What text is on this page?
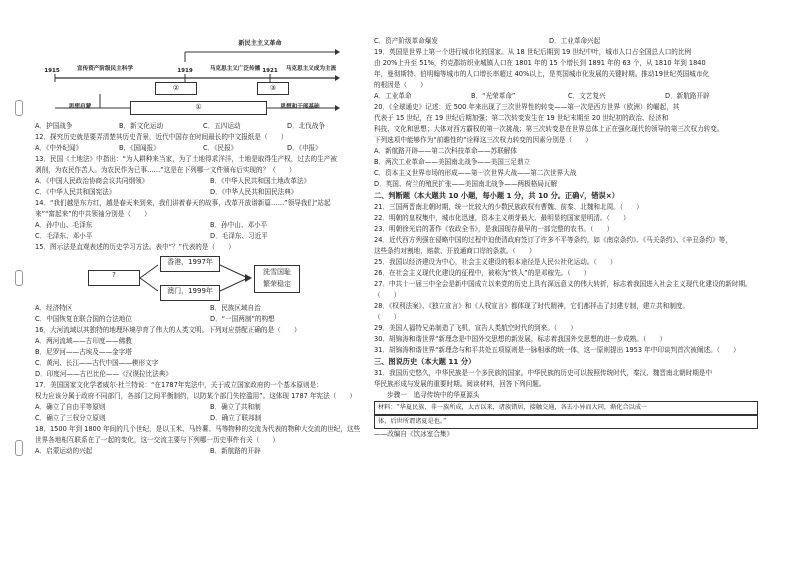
新民主主义革命
1915	1919	1921
宣传资产阶级民主科学	马克思主义广泛传播	马克思主义成为主流
②	③
①
思想启蒙	思想和干部基础
A．护国战争	B．新文化运动	C．五四运动	D．北伐战争
12．探究历史就是要弄清楚其历史背景，近代中国存在时间最长的中文报纸是（　　）
A．《中外纪闻》	B．《国闻报》	C．《民报》	D．《申报》
13．民国《土地法》中指出：“为人耕种来当家，为了土地得求洋洋，土地是取得生产权，过去的生产被
剥削，为农民作苦人。为农民作为已事……”这是在下列哪一文件颁布后实现的？（　　）
A．《中国人民政治协商会议共同纲领》	B．《中华人民共和国土地改革法》
C．《中华人民共和国宪法》	D．《中华人民共和国民法典》
14．“我们越是东方红，越是春天来到来，我们讲着春天的故事，改革开放谱新篇……”领导我们“站起
来”“富起来”的中共领袖分别是（　　）
A．孙中山、毛泽东	B．孙中山、邓小平
C．毛泽东、邓小平	D．毛泽东、习近平
15．图示法是直观表述的历史学习方法。表中“？”代表的是（　　）
?
香港，1997年
澳门，1999年
洗雪国耻
繁荣稳定
A．经济特区	B．民族区域自治
C．中国恢复在联合国的合法地位	D．“一国两制”的构想
16．大河流域以其独特的地理环境孕育了伟大的人类文明。下列对应搭配正确的是（　　）
A．两河流域——古印度——佛教
B．尼罗河——古埃及——金字塔
C．黄河、长江——古代中国——楔形文字
D．印度河——古巴比伦——《汉谟拉比法典》
17．美国国家文化学者威尔·杜兰特说：“在1787年宪法中，关于成立国家政府的一个基本原则是：
权力应该分属于政府不同部门，各部门之间平衡制约，以防某个部门失控滥用”。这体现 1787 年宪法（　　）
A．确立了自由平等原则	B．确立了共和制
C．确立了三权分立原则	D．确立了联邦制
18．1500 年到 1800 年间的几个世纪，是以玉米、马铃薯、马等物种的交流为代表的物种大交流的世纪，这些
世界各地相互联系在了一起的变化，这一交流主要与下列哪一历史事件有关（　　）
A．启蒙运动的兴起	B．新航路的开辟
C．资产阶级革命爆发	D．工业革命兴起
19．英国是世界上第一个进行城市化的国家。从 18 世纪后期到 19 世纪中叶，城市人口占全国总人口的比例
由 20%上升至 51%，约克郡纺织业城镇人口在 1801 年的 15 个增长到 1891 年的 63 个，从 1810 年到 1840
年，曼彻斯特、伯明翰等城市的人口增长率超过 40%以上，是英国城市化发展的关键时期。推动19世纪英国城市化
的根因是（　　）
A．工业革命	B．“光荣革命”	C．文艺复兴	D．新航路开辟
20．《全球通史》记述：近 500 年来出现了三次世界性的转变——第一次是西方世界（欧洲）的崛起，其
代表于 15 世纪，在 19 世纪后期加强；第二次转变发生在 19 世纪末期至 20 世纪初的政治、经济和
科技、文化和思想；大体对西方霸权的第一次挑战；第三次转变是在世界总体上正在强化现代的领导的第三次权力转变。
下列选项中能够作为“前瞻性的”诠释这三次权力转变的因素分别是（　　）
A．新航路开辟——第二次科技革命——苏联解体
B．两次工业革命——美国南北战争——美国三足鼎立
C．资本主义世界市场的形成——第一次世界大战——第二次世界大战
D．英国、荷兰的殖民扩张——美国南北战争——两极格局瓦解
二、判断题（本大题共 10 小题，每小题 1 分，共 10 分。正确√，错误×）
21．三国两晋南北朝时期，统一比较大的少数民族政权有曹魏、前秦、北魏和北周。（　　）
22．明朝的皇权集中，城市化迅速，资本主义萌芽最大、最明显的国家是明清。（　　）
23．明朝徐光启的著作《农政全书》，是我国现存最早的一部完整的农书。（　　）
24．近代西方列强在侵略中国的过程中迫使清政府签订了许多不平等条约，如《南京条约》、《马关条约》、《辛丑条约》等，
这些条约对割地、赔款、开放通商口岸的条款。（　　）
25．我国以经济建设为中心，社会主义建设的根本途径是人民公社化运动。（　　）
26．在社会主义现代化建设的征程中，被称为“铁人”的是邓稼先。（　　）
27．中共十一届三中全会是新中国成立以来党的历史上具有深远意义的伟大转折，标志着我国进入社会主义现代化建设的新时期。
（　　）
28．《权利法案》、《独立宣言》和《人权宣言》都体现了时代精神，它们都抨击了封建专制，建立共和制度。
（　　）
29．美国人福特兄弟制造了飞机，宣告人类航空时代的到来。（　　）
30．胡锦涛和谐世界“新理念是中国外交思想的新发展，标志着我国外交思想的进一步成熟。（　　）
31．胡锦涛和谐世界“新理念与和平共处五项原则是一脉相承的统一体，这一原则提出 1953 年中印谈判首次被阐述。（　　）
三、图说历史（本大题 11 分）
31．我国历史悠久，中华民族是一个多民族的国家。中华民族的历史可以按照传统时代，秦汉、魏晋南北朝时期是中
华民族形成与发展的重要时期。阅读材料，回答下列问题。
　　步骤一　追寻传统中的华夏源头
材料：“华夏民族，非一族所成，太古以来，诸族错居，接触交通，各去小异而大同，渐化合以成一
体，后世所谓诸夏是也。”
——改编自《饮冰室合集》
